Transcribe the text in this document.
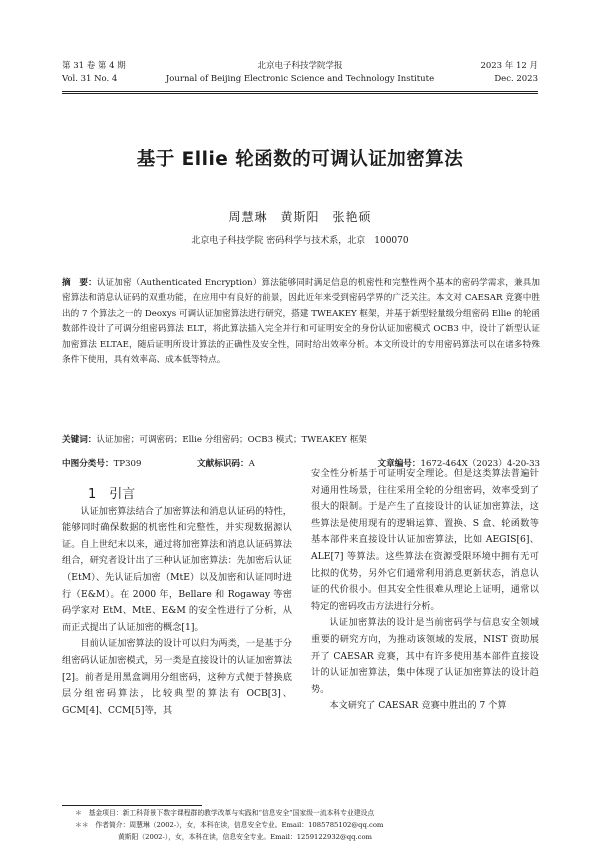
第 31 卷 第 4 期
Vol. 31 No. 4
北京电子科技学院学报
Journal of Beijing Electronic Science and Technology Institute
2023 年 12 月
Dec. 2023
基于 Ellie 轮函数的可调认证加密算法
周慧琳　黄斯阳　张艳硕
北京电子科技学院 密码科学与技术系，北京　100070
摘　要：认证加密（Authenticated Encryption）算法能够同时满足信息的机密性和完整性两个基本的密码学需求，兼具加密算法和消息认证码的双重功能，在应用中有良好的前景，因此近年来受到密码学界的广泛关注。本文对 CAESAR 竞赛中胜出的 7 个算法之一的 Deoxys 可调认证加密算法进行研究，搭建 TWEAKEY 框架，并基于新型轻量级分组密码 Ellie 的轮函数部件设计了可调分组密码算法 ELT，将此算法插入完全并行和可证明安全的身份认证加密模式 OCB3 中，设计了新型认证加密算法 ELTAE，随后证明所设计算法的正确性及安全性，同时给出效率分析。本文所设计的专用密码算法可以在诸多特殊条件下使用，具有效率高、成本低等特点。
关键词：认证加密；可调密码；Ellie 分组密码；OCB3 模式；TWEAKEY 框架
中图分类号：TP309	文献标识码：A	文章编号：1672-464X（2023）4-20-33

1　引言

认证加密算法结合了加密算法和消息认证码的特性，能够同时确保数据的机密性和完整性，并实现数据源认证。自上世纪末以来，通过将加密算法和消息认证码算法组合，研究者设计出了三种认证加密算法：先加密后认证（EtM）、先认证后加密（MtE）以及加密和认证同时进行（E&M）。在 2000 年，Bellare 和 Rogaway 等密码学家对 EtM、MtE、E&M 的安全性进行了分析，从而正式提出了认证加密的概念[1]。

目前认证加密算法的设计可以归为两类，一是基于分组密码认证加密模式，另一类是直接设计的认证加密算法[2]。前者是用黑盒调用分组密码，这种方式便于替换底层分组密码算法，比较典型的算法有 OCB[3]、GCM[4]、CCM[5]等，其

安全性分析基于可证明安全理论。但是这类算法普遍针对通用性场景，往往采用全轮的分组密码，效率受到了很大的限制。于是产生了直接设计的认证加密算法，这些算法是使用现有的逻辑运算、置换、S 盒、轮函数等基本部件来直接设计认证加密算法，比如 AEGIS[6]、ALE[7] 等算法。这些算法在资源受限环境中拥有无可比拟的优势，另外它们通常利用消息更新状态，消息认证的代价很小。但其安全性很难从理论上证明，通常以特定的密码攻击方法进行分析。

认证加密算法的设计是当前密码学与信息安全领域重要的研究方向，为推动该领域的发展，NIST 资助展开了 CAESAR 竞赛，其中有许多使用基本部件直接设计的认证加密算法，集中体现了认证加密算法的设计趋势。

本文研究了 CAESAR 竞赛中胜出的 7 个算

＊　基金项目：新工科背景下数字课程群的教学改革与实践和“信息安全”国家级一流本科专业建设点
＊＊　作者简介：周慧琳（2002-），女，本科在读，信息安全专业。Email：1085785102@qq.com
黄斯阳（2002-），女，本科在读，信息安全专业。Email：1259122932@qq.com
